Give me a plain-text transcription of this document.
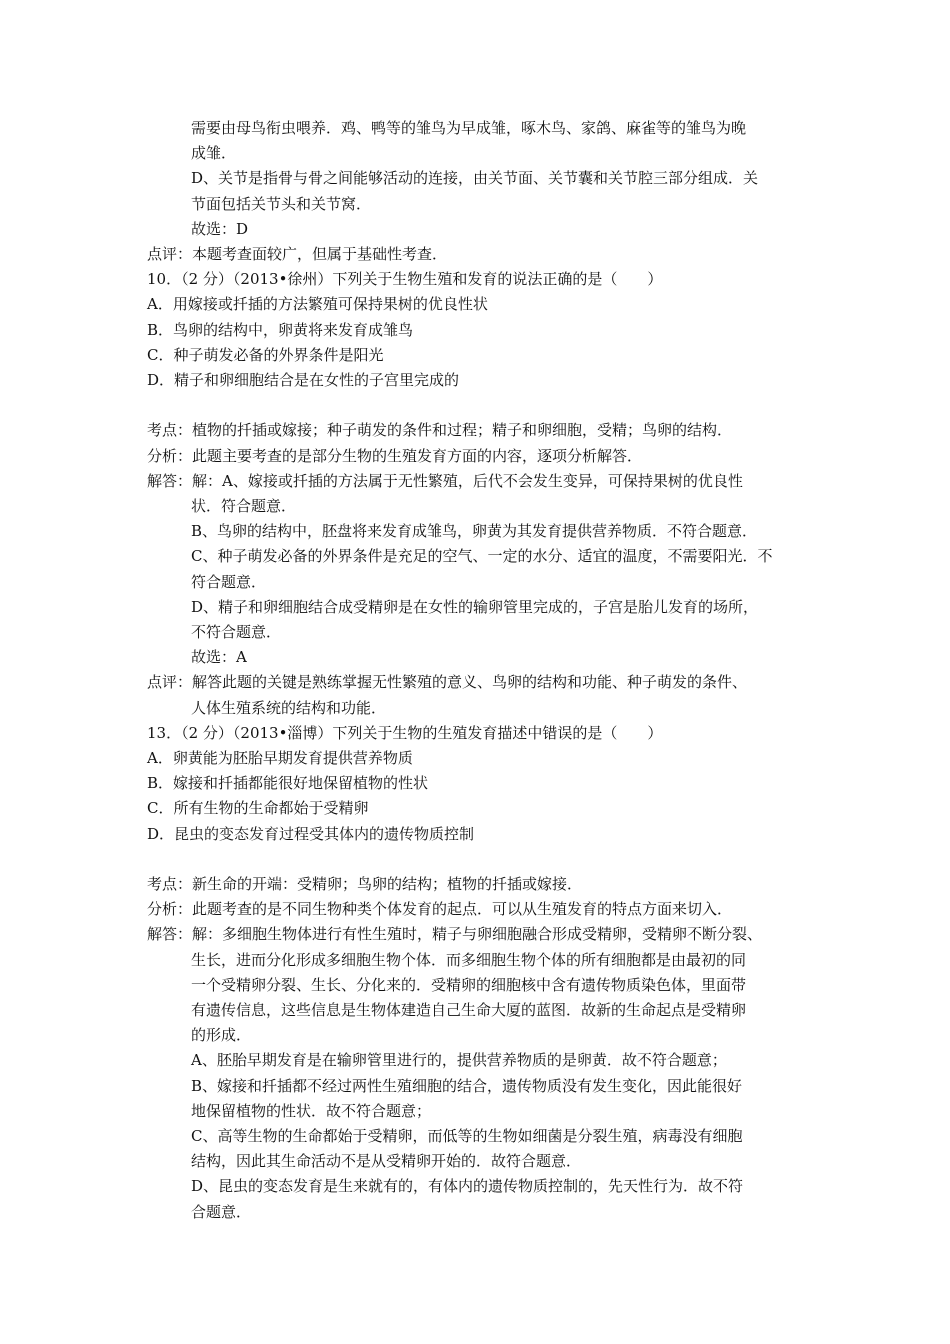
需要由母鸟衔虫喂养．鸡、鸭等的雏鸟为早成雏，啄木鸟、家鸽、麻雀等的雏鸟为晚
成雏．
D、关节是指骨与骨之间能够活动的连接，由关节面、关节囊和关节腔三部分组成．关
节面包括关节头和关节窝．
故选：D
点评：本题考查面较广，但属于基础性考查．
10．（2 分）（2013•徐州）下列关于生物生殖和发育的说法正确的是（　　）
A．用嫁接或扦插的方法繁殖可保持果树的优良性状
B．鸟卵的结构中，卵黄将来发育成雏鸟
C．种子萌发必备的外界条件是阳光
D．精子和卵细胞结合是在女性的子宫里完成的
考点：植物的扦插或嫁接；种子萌发的条件和过程；精子和卵细胞，受精；鸟卵的结构．
分析：此题主要考查的是部分生物的生殖发育方面的内容，逐项分析解答．
解答：解：A、嫁接或扦插的方法属于无性繁殖，后代不会发生变异，可保持果树的优良性
状．符合题意．
B、鸟卵的结构中，胚盘将来发育成雏鸟，卵黄为其发育提供营养物质．不符合题意．
C、种子萌发必备的外界条件是充足的空气、一定的水分、适宜的温度，不需要阳光．不
符合题意．
D、精子和卵细胞结合成受精卵是在女性的输卵管里完成的，子宫是胎儿发育的场所，
不符合题意．
故选：A
点评：解答此题的关键是熟练掌握无性繁殖的意义、鸟卵的结构和功能、种子萌发的条件、
人体生殖系统的结构和功能．
13．（2 分）（2013•淄博）下列关于生物的生殖发育描述中错误的是（　　）
A．卵黄能为胚胎早期发育提供营养物质
B．嫁接和扦插都能很好地保留植物的性状
C．所有生物的生命都始于受精卵
D．昆虫的变态发育过程受其体内的遗传物质控制
考点：新生命的开端：受精卵；鸟卵的结构；植物的扦插或嫁接．
分析：此题考查的是不同生物种类个体发育的起点．可以从生殖发育的特点方面来切入．
解答：解：多细胞生物体进行有性生殖时，精子与卵细胞融合形成受精卵，受精卵不断分裂、
生长，进而分化形成多细胞生物个体．而多细胞生物个体的所有细胞都是由最初的同
一个受精卵分裂、生长、分化来的．受精卵的细胞核中含有遗传物质染色体，里面带
有遗传信息，这些信息是生物体建造自己生命大厦的蓝图．故新的生命起点是受精卵
的形成．
A、胚胎早期发育是在输卵管里进行的，提供营养物质的是卵黄．故不符合题意；
B、嫁接和扦插都不经过两性生殖细胞的结合，遗传物质没有发生变化，因此能很好
地保留植物的性状．故不符合题意；
C、高等生物的生命都始于受精卵，而低等的生物如细菌是分裂生殖，病毒没有细胞
结构，因此其生命活动不是从受精卵开始的．故符合题意．
D、昆虫的变态发育是生来就有的，有体内的遗传物质控制的，先天性行为．故不符
合题意．
